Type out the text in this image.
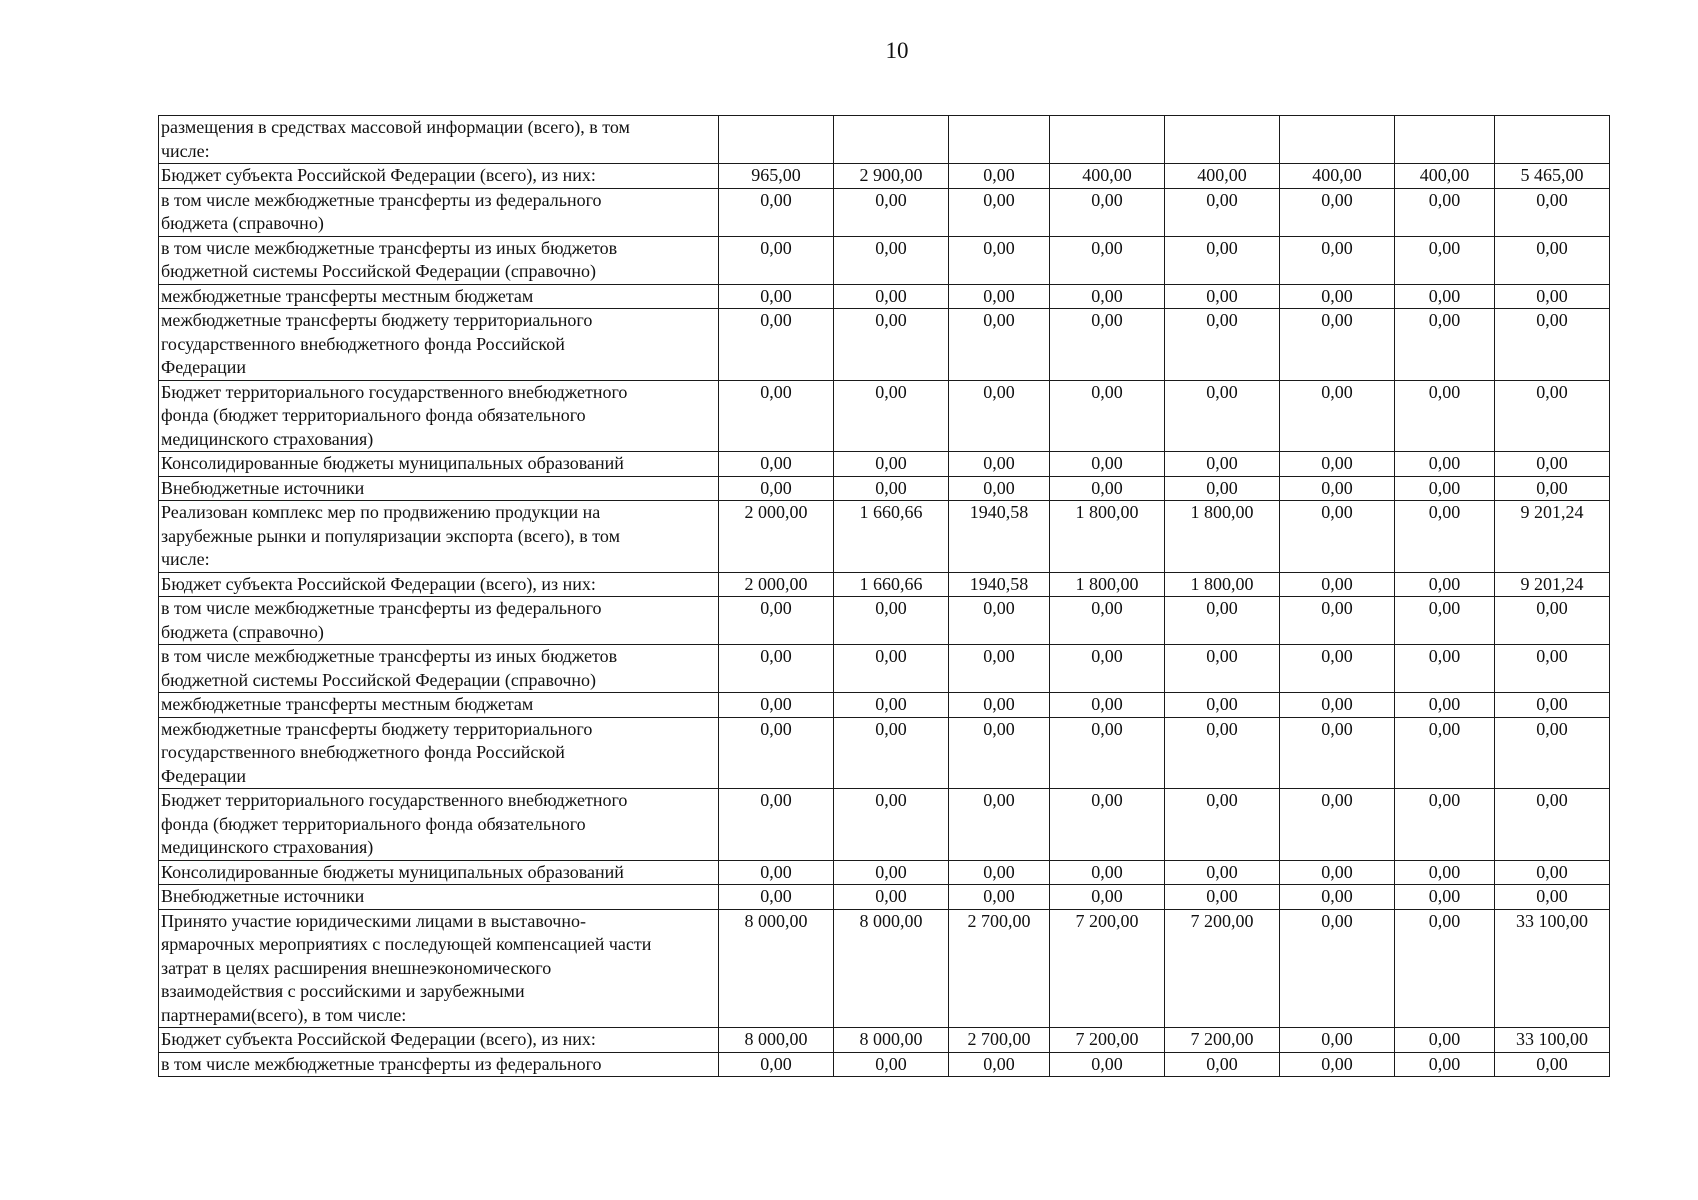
10
размещения в средствах массовой информации (всего), в том
числе:								
Бюджет субъекта Российской Федерации (всего), из них:	965,00	2 900,00	0,00	400,00	400,00	400,00	400,00	5 465,00
в том числе межбюджетные трансферты из федерального
бюджета (справочно)	0,00	0,00	0,00	0,00	0,00	0,00	0,00	0,00
в том числе межбюджетные трансферты из иных бюджетов
бюджетной системы Российской Федерации (справочно)	0,00	0,00	0,00	0,00	0,00	0,00	0,00	0,00
межбюджетные трансферты местным бюджетам	0,00	0,00	0,00	0,00	0,00	0,00	0,00	0,00
межбюджетные трансферты бюджету территориального
государственного внебюджетного фонда Российской
Федерации	0,00	0,00	0,00	0,00	0,00	0,00	0,00	0,00
Бюджет территориального государственного внебюджетного
фонда (бюджет территориального фонда обязательного
медицинского страхования)	0,00	0,00	0,00	0,00	0,00	0,00	0,00	0,00
Консолидированные бюджеты муниципальных образований	0,00	0,00	0,00	0,00	0,00	0,00	0,00	0,00
Внебюджетные источники	0,00	0,00	0,00	0,00	0,00	0,00	0,00	0,00
Реализован комплекс мер по продвижению продукции на
зарубежные рынки и популяризации экспорта (всего), в том
числе:	2 000,00	1 660,66	1940,58	1 800,00	1 800,00	0,00	0,00	9 201,24
Бюджет субъекта Российской Федерации (всего), из них:	2 000,00	1 660,66	1940,58	1 800,00	1 800,00	0,00	0,00	9 201,24
в том числе межбюджетные трансферты из федерального
бюджета (справочно)	0,00	0,00	0,00	0,00	0,00	0,00	0,00	0,00
в том числе межбюджетные трансферты из иных бюджетов
бюджетной системы Российской Федерации (справочно)	0,00	0,00	0,00	0,00	0,00	0,00	0,00	0,00
межбюджетные трансферты местным бюджетам	0,00	0,00	0,00	0,00	0,00	0,00	0,00	0,00
межбюджетные трансферты бюджету территориального
государственного внебюджетного фонда Российской
Федерации	0,00	0,00	0,00	0,00	0,00	0,00	0,00	0,00
Бюджет территориального государственного внебюджетного
фонда (бюджет территориального фонда обязательного
медицинского страхования)	0,00	0,00	0,00	0,00	0,00	0,00	0,00	0,00
Консолидированные бюджеты муниципальных образований	0,00	0,00	0,00	0,00	0,00	0,00	0,00	0,00
Внебюджетные источники	0,00	0,00	0,00	0,00	0,00	0,00	0,00	0,00
Принято участие юридическими лицами в выставочно-
ярмарочных мероприятиях с последующей компенсацией части
затрат в целях расширения внешнеэкономического
взаимодействия с российскими и зарубежными
партнерами(всего), в том числе:	8 000,00	8 000,00	2 700,00	7 200,00	7 200,00	0,00	0,00	33 100,00
Бюджет субъекта Российской Федерации (всего), из них:	8 000,00	8 000,00	2 700,00	7 200,00	7 200,00	0,00	0,00	33 100,00
в том числе межбюджетные трансферты из федерального	0,00	0,00	0,00	0,00	0,00	0,00	0,00	0,00
